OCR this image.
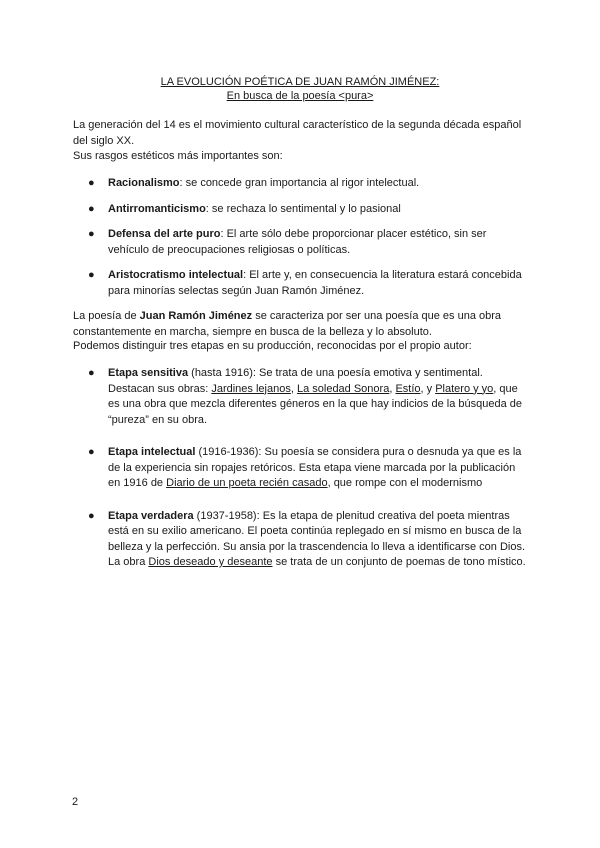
LA EVOLUCIÓN POÉTICA DE JUAN RAMÓN JIMÉNEZ:
En busca de la poesía <pura>
La generación del 14 es el movimiento cultural característico de la segunda década español del siglo XX.
Sus rasgos estéticos más importantes son:
● Racionalismo: se concede gran importancia al rigor intelectual.
● Antirromanticismo: se rechaza lo sentimental y lo pasional
● Defensa del arte puro: El arte sólo debe proporcionar placer estético, sin ser vehículo de preocupaciones religiosas o políticas.
● Aristocratismo intelectual: El arte y, en consecuencia la literatura estará concebida para minorías selectas según Juan Ramón Jiménez.
La poesía de Juan Ramón Jiménez se caracteriza por ser una poesía que es una obra constantemente en marcha, siempre en busca de la belleza y lo absoluto.
Podemos distinguir tres etapas en su producción, reconocidas por el propio autor:
● Etapa sensitiva (hasta 1916): Se trata de una poesía emotiva y sentimental. Destacan sus obras: Jardines lejanos, La soledad Sonora, Estío, y Platero y yo, que es una obra que mezcla diferentes géneros en la que hay indicios de la búsqueda de “pureza” en su obra.
● Etapa intelectual (1916-1936): Su poesía se considera pura o desnuda ya que es la de la experiencia sin ropajes retóricos. Esta etapa viene marcada por la publicación en 1916 de Diario de un poeta recién casado, que rompe con el modernismo
● Etapa verdadera (1937-1958): Es la etapa de plenitud creativa del poeta mientras está en su exilio americano. El poeta continúa replegado en sí mismo en busca de la belleza y la perfección. Su ansia por la trascendencia lo lleva a identificarse con Dios. La obra Dios deseado y deseante se trata de un conjunto de poemas de tono místico.
2
